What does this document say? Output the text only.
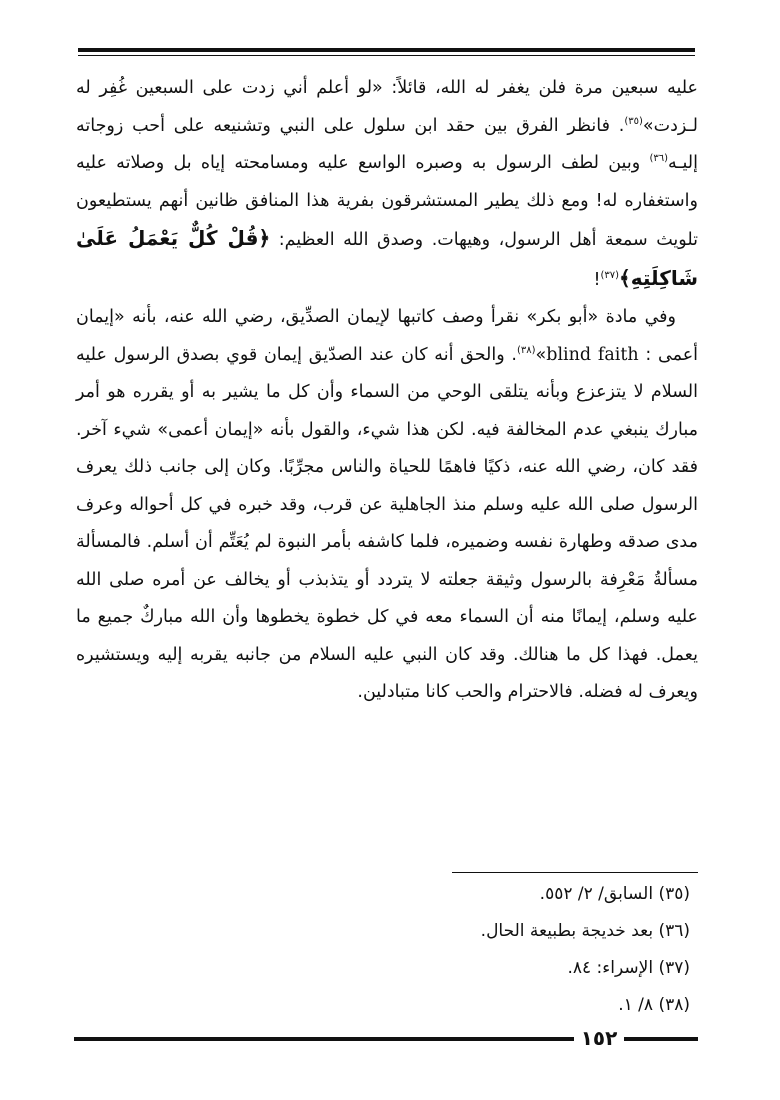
عليه سبعين مرة فلن يغفر له الله، قائلاً: «لو أعلم أني زدت على السبعين غُفِر له لـزدت»$^{(٣٥)}$. فانظر الفرق بين حقد ابن سلول على النبي وتشنيعه على أحب زوجاته إليـه$^{(٣٦)}$ وبين لطف الرسول به وصبره الواسع عليه ومسامحته إياه بل وصلاته عليه واستغفاره له! ومع ذلك يطير المستشرقون بفرية هذا المنافق ظانين أنهم يستطيعون تلويث سمعة أهل الرسول، وهيهات. وصدق الله العظيم: ﴿قُلْ كُلٌّ يَعْمَلُ عَلَىٰ شَاكِلَتِهِ﴾$^{(٣٧)}$!

وفي مادة «أبو بكر» نقرأ وصف كاتبها لإيمان الصدِّيق، رضي الله عنه، بأنه «إيمان أعمى : blind faith»$^{(٣٨)}$. والحق أنه كان عند الصدّيق إيمان قوي بصدق الرسول عليه السلام لا يتزعزع وبأنه يتلقى الوحي من السماء وأن كل ما يشير به أو يقرره هو أمر مبارك ينبغي عدم المخالفة فيه. لكن هذا شيء، والقول بأنه «إيمان أعمى» شيء آخر. فقد كان، رضي الله عنه، ذكيًا فاهمًا للحياة والناس مجرِّبًا. وكان إلى جانب ذلك يعرف الرسول صلى الله عليه وسلم منذ الجاهلية عن قرب، وقد خبره في كل أحواله وعرف مدى صدقه وطهارة نفسه وضميره، فلما كاشفه بأمر النبوة لم يُعَتِّم أن أسلم. فالمسألة مسألةُ مَعْرِفة بالرسول وثيقة جعلته لا يتردد أو يتذبذب أو يخالف عن أمره صلى الله عليه وسلم، إيمانًا منه أن السماء معه في كل خطوة يخطوها وأن الله مباركٌ جميع ما يعمل. فهذا كل ما هنالك. وقد كان النبي عليه السلام من جانبه يقربه إليه ويستشيره ويعرف له فضله. فالاحترام والحب كانا متبادلين.

(٣٥) السابق/ ٢/ ٥٥٢.
(٣٦) بعد خديجة بطبيعة الحال.
(٣٧) الإسراء: ٨٤.
(٣٨) ٨/ ١.
١٥٢
